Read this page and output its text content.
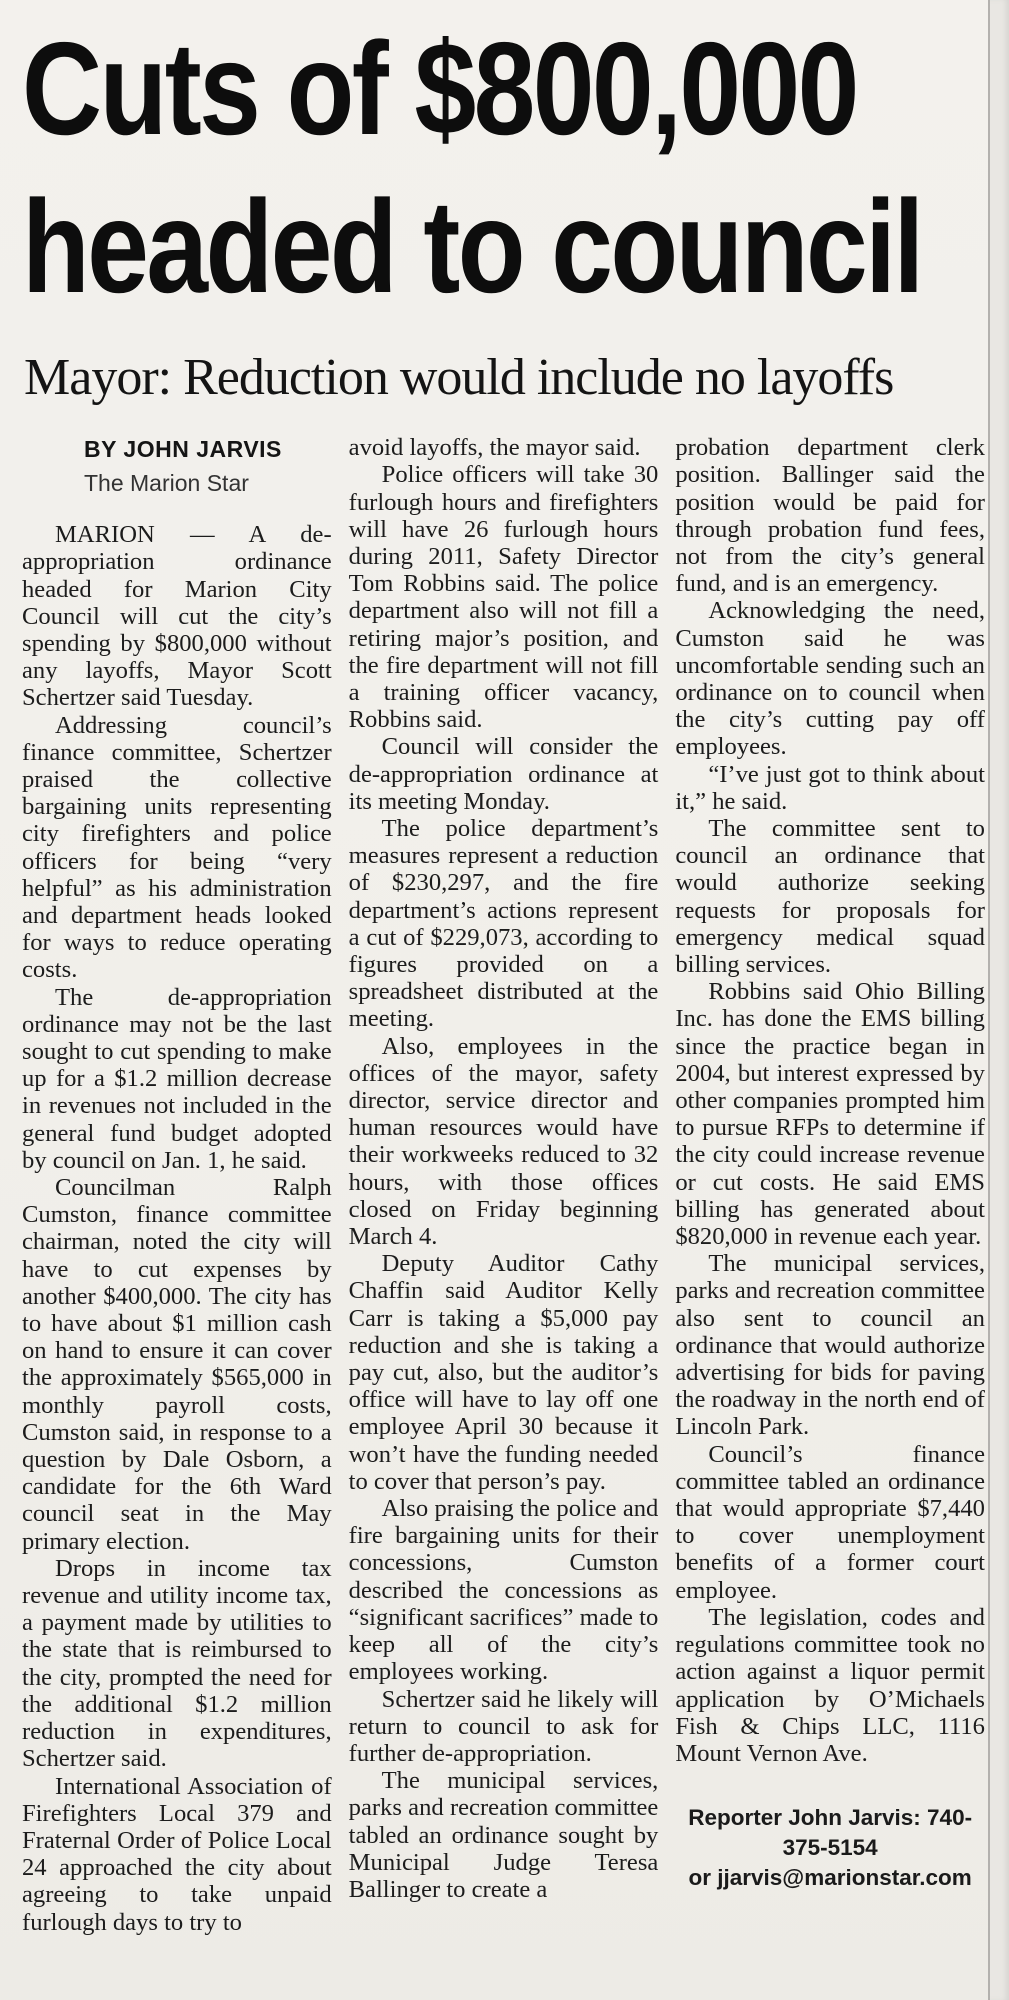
Cuts of $800,000
headed to council
Mayor: Reduction would include no layoffs
BY JOHN JARVIS
The Marion Star

MARION — A de-appropriation ordinance headed for Marion City Council will cut the city’s spending by $800,000 without any layoffs, Mayor Scott Schertzer said Tuesday.

Addressing council’s finance committee, Schertzer praised the collective bargaining units representing city firefighters and police officers for being “very helpful” as his administration and department heads looked for ways to reduce operating costs.

The de-appropriation ordinance may not be the last sought to cut spending to make up for a $1.2 million decrease in revenues not included in the general fund budget adopted by council on Jan. 1, he said.

Councilman Ralph Cumston, finance committee chairman, noted the city will have to cut expenses by another $400,000. The city has to have about $1 million cash on hand to ensure it can cover the approximately $565,000 in monthly payroll costs, Cumston said, in response to a question by Dale Osborn, a candidate for the 6th Ward council seat in the May primary election.

Drops in income tax revenue and utility income tax, a payment made by utilities to the state that is reimbursed to the city, prompted the need for the additional $1.2 million reduction in expenditures, Schertzer said.

International Association of Firefighters Local 379 and Fraternal Order of Police Local 24 approached the city about agreeing to take unpaid furlough days to try to

avoid layoffs, the mayor said.

Police officers will take 30 furlough hours and firefighters will have 26 furlough hours during 2011, Safety Director Tom Robbins said. The police department also will not fill a retiring major’s position, and the fire department will not fill a training officer vacancy, Robbins said.

Council will consider the de-appropriation ordinance at its meeting Monday.

The police department’s measures represent a reduction of $230,297, and the fire department’s actions represent a cut of $229,073, according to figures provided on a spreadsheet distributed at the meeting.

Also, employees in the offices of the mayor, safety director, service director and human resources would have their workweeks reduced to 32 hours, with those offices closed on Friday beginning March 4.

Deputy Auditor Cathy Chaffin said Auditor Kelly Carr is taking a $5,000 pay reduction and she is taking a pay cut, also, but the auditor’s office will have to lay off one employee April 30 because it won’t have the funding needed to cover that person’s pay.

Also praising the police and fire bargaining units for their concessions, Cumston described the concessions as “significant sacrifices” made to keep all of the city’s employees working.

Schertzer said he likely will return to council to ask for further de-appropriation.

The municipal services, parks and recreation committee tabled an ordinance sought by Municipal Judge Teresa Ballinger to create a

probation department clerk position. Ballinger said the position would be paid for through probation fund fees, not from the city’s general fund, and is an emergency.

Acknowledging the need, Cumston said he was uncomfortable sending such an ordinance on to council when the city’s cutting pay off employees.

“I’ve just got to think about it,” he said.

The committee sent to council an ordinance that would authorize seeking requests for proposals for emergency medical squad billing services.

Robbins said Ohio Billing Inc. has done the EMS billing since the practice began in 2004, but interest expressed by other companies prompted him to pursue RFPs to determine if the city could increase revenue or cut costs. He said EMS billing has generated about $820,000 in revenue each year.

The municipal services, parks and recreation committee also sent to council an ordinance that would authorize advertising for bids for paving the roadway in the north end of Lincoln Park.

Council’s finance committee tabled an ordinance that would appropriate $7,440 to cover unemployment benefits of a former court employee.

The legislation, codes and regulations committee took no action against a liquor permit application by O’Michaels Fish & Chips LLC, 1116 Mount Vernon Ave.

Reporter John Jarvis: 740-375-5154
or jjarvis@marionstar.com
